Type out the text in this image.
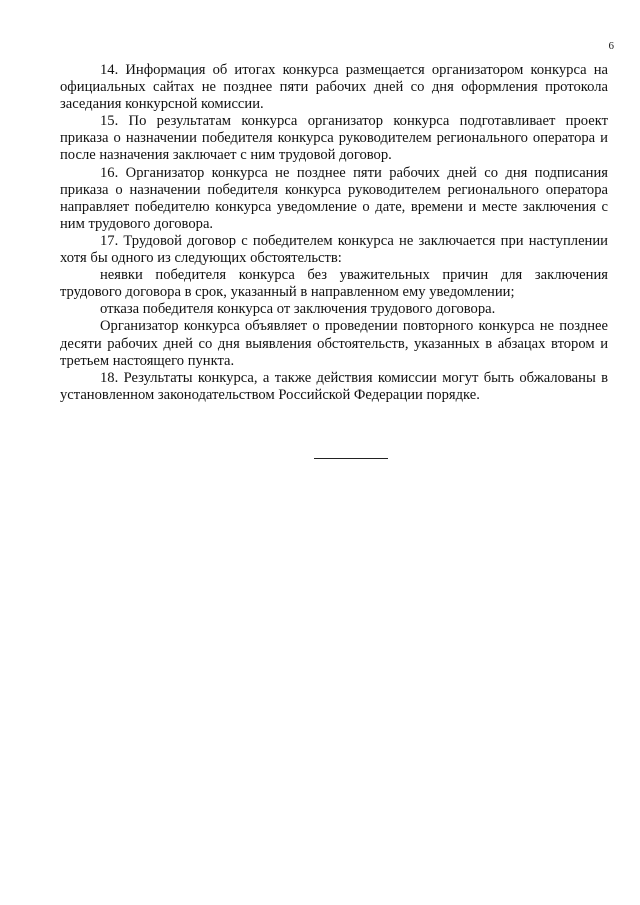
6

14. Информация об итогах конкурса размещается организатором конкурса на официальных сайтах не позднее пяти рабочих дней со дня оформления протокола заседания конкурсной комиссии.

15. По результатам конкурса организатор конкурса подготавливает проект приказа о назначении победителя конкурса руководителем регионального оператора и после назначения заключает с ним трудовой договор.

16. Организатор конкурса не позднее пяти рабочих дней со дня подписания приказа о назначении победителя конкурса руководителем регионального оператора направляет победителю конкурса уведомление о дате, времени и месте заключения с ним трудового договора.

17. Трудовой договор с победителем конкурса не заключается при наступлении хотя бы одного из следующих обстоятельств:

неявки победителя конкурса без уважительных причин для заключения трудового договора в срок, указанный в направленном ему уведомлении;

отказа победителя конкурса от заключения трудового договора.

Организатор конкурса объявляет о проведении повторного конкурса не позднее десяти рабочих дней со дня выявления обстоятельств, указанных в абзацах втором и третьем настоящего пункта.

18. Результаты конкурса, а также действия комиссии могут быть обжалованы в установленном законодательством Российской Федерации порядке.
